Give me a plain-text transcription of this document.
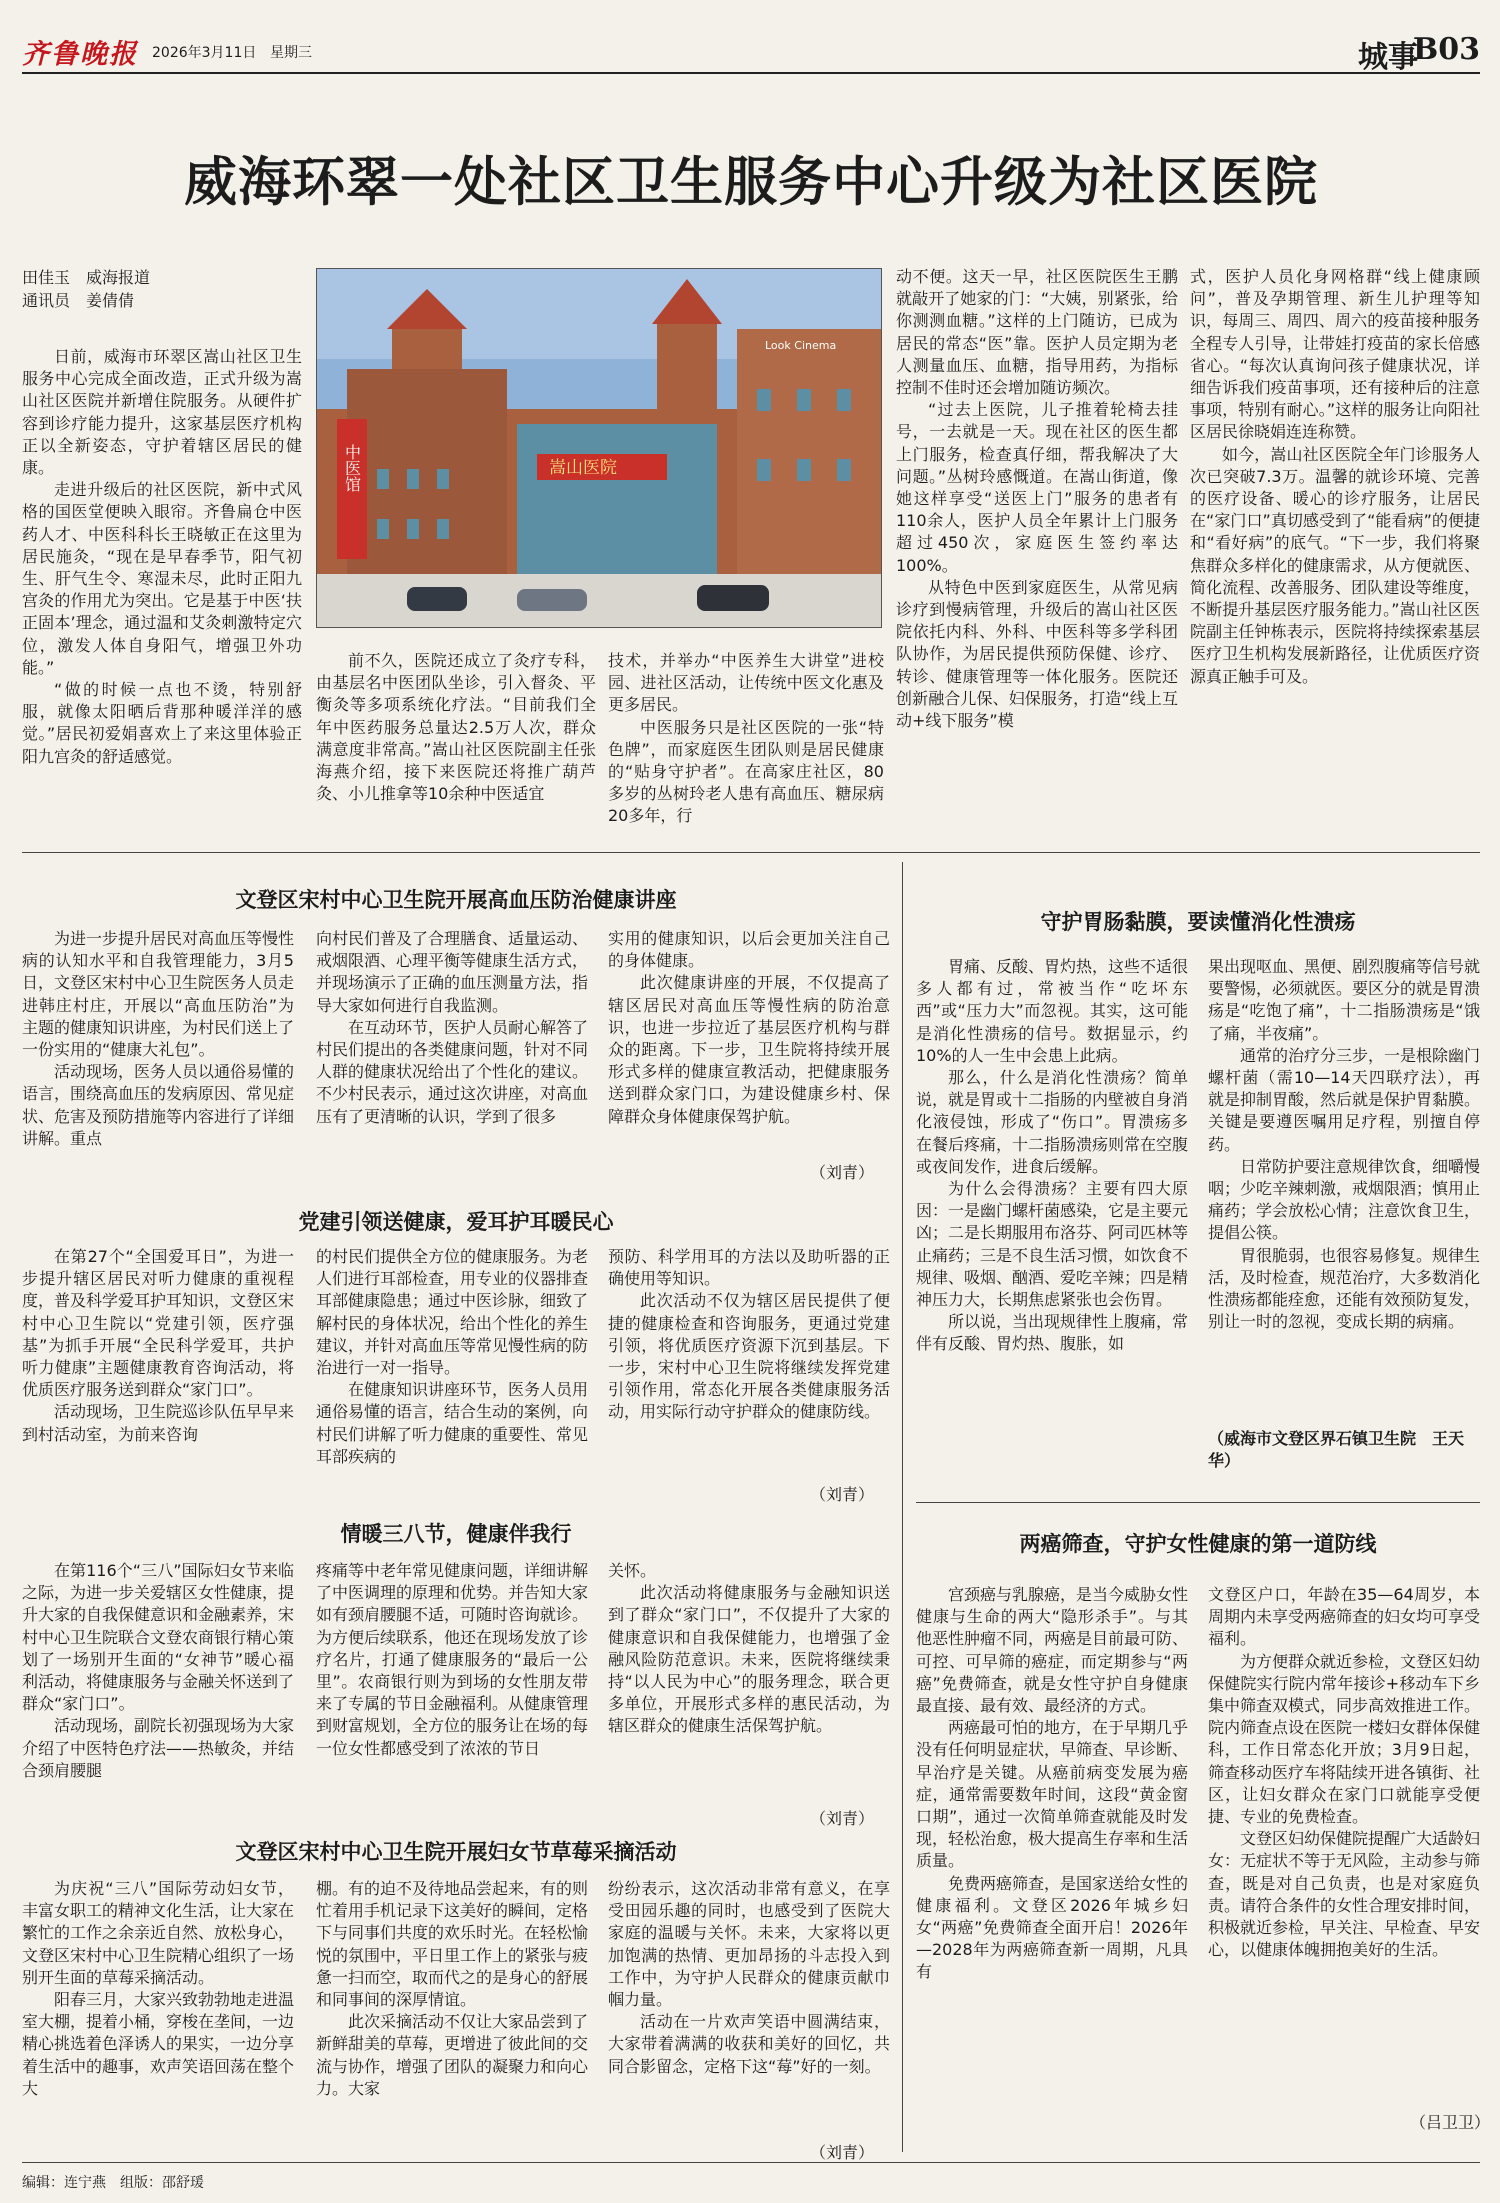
齐鲁晚报 2026年3月11日 星期三	城事
B03
威海环翠一处社区卫生服务中心升级为社区医院
田佳玉　威海报道
通讯员　姜倩倩
中医馆
Look Cinema
嵩山医院

日前，威海市环翠区嵩山社区卫生服务中心完成全面改造，正式升级为嵩山社区医院并新增住院服务。从硬件扩容到诊疗能力提升，这家基层医疗机构正以全新姿态，守护着辖区居民的健康。

走进升级后的社区医院，新中式风格的国医堂便映入眼帘。齐鲁扁仓中医药人才、中医科科长王晓敏正在这里为居民施灸，“现在是早春季节，阳气初生、肝气生令、寒湿未尽，此时正阳九宫灸的作用尤为突出。它是基于中医‘扶正固本’理念，通过温和艾灸刺激特定穴位，激发人体自身阳气，增强卫外功能。”

“做的时候一点也不烫，特别舒服，就像太阳晒后背那种暖洋洋的感觉。”居民初爱娟喜欢上了来这里体验正阳九宫灸的舒适感觉。

前不久，医院还成立了灸疗专科，由基层名中医团队坐诊，引入督灸、平衡灸等多项系统化疗法。“目前我们全年中医药服务总量达2.5万人次，群众满意度非常高。”嵩山社区医院副主任张海燕介绍，接下来医院还将推广葫芦灸、小儿推拿等10余种中医适宜

技术，并举办“中医养生大讲堂”进校园、进社区活动，让传统中医文化惠及更多居民。

中医服务只是社区医院的一张“特色牌”，而家庭医生团队则是居民健康的“贴身守护者”。在高家庄社区，80多岁的丛树玲老人患有高血压、糖尿病20多年，行

动不便。这天一早，社区医院医生王鹏就敲开了她家的门：“大姨，别紧张，给你测测血糖。”这样的上门随访，已成为居民的常态“医”靠。医护人员定期为老人测量血压、血糖，指导用药，为指标控制不佳时还会增加随访频次。

“过去上医院，儿子推着轮椅去挂号，一去就是一天。现在社区的医生都上门服务，检查真仔细，帮我解决了大问题。”丛树玲感慨道。在嵩山街道，像她这样享受“送医上门”服务的患者有110余人，医护人员全年累计上门服务超过450次，家庭医生签约率达100%。

从特色中医到家庭医生，从常见病诊疗到慢病管理，升级后的嵩山社区医院依托内科、外科、中医科等多学科团队协作，为居民提供预防保健、诊疗、转诊、健康管理等一体化服务。医院还创新融合儿保、妇保服务，打造“线上互动+线下服务”模

式，医护人员化身网格群“线上健康顾问”，普及孕期管理、新生儿护理等知识，每周三、周四、周六的疫苗接种服务全程专人引导，让带娃打疫苗的家长倍感省心。“每次认真询问孩子健康状况，详细告诉我们疫苗事项，还有接种后的注意事项，特别有耐心。”这样的服务让向阳社区居民徐晓娟连连称赞。

如今，嵩山社区医院全年门诊服务人次已突破7.3万。温馨的就诊环境、完善的医疗设备、暖心的诊疗服务，让居民在“家门口”真切感受到了“能看病”的便捷和“看好病”的底气。“下一步，我们将聚焦群众多样化的健康需求，从方便就医、简化流程、改善服务、团队建设等维度，不断提升基层医疗服务能力。”嵩山社区医院副主任钟栋表示，医院将持续探索基层医疗卫生机构发展新路径，让优质医疗资源真正触手可及。

文登区宋村中心卫生院开展高血压防治健康讲座

为进一步提升居民对高血压等慢性病的认知水平和自我管理能力，3月5日，文登区宋村中心卫生院医务人员走进韩庄村庄，开展以“高血压防治”为主题的健康知识讲座，为村民们送上了一份实用的“健康大礼包”。

活动现场，医务人员以通俗易懂的语言，围绕高血压的发病原因、常见症状、危害及预防措施等内容进行了详细讲解。重点

向村民们普及了合理膳食、适量运动、戒烟限酒、心理平衡等健康生活方式，并现场演示了正确的血压测量方法，指导大家如何进行自我监测。

在互动环节，医护人员耐心解答了村民们提出的各类健康问题，针对不同人群的健康状况给出了个性化的建议。不少村民表示，通过这次讲座，对高血压有了更清晰的认识，学到了很多

实用的健康知识，以后会更加关注自己的身体健康。

此次健康讲座的开展，不仅提高了辖区居民对高血压等慢性病的防治意识，也进一步拉近了基层医疗机构与群众的距离。下一步，卫生院将持续开展形式多样的健康宣教活动，把健康服务送到群众家门口，为建设健康乡村、保障群众身体健康保驾护航。

（刘青）
党建引领送健康，爱耳护耳暖民心

在第27个“全国爱耳日”，为进一步提升辖区居民对听力健康的重视程度，普及科学爱耳护耳知识，文登区宋村中心卫生院以“党建引领，医疗强基”为抓手开展“全民科学爱耳，共护听力健康”主题健康教育咨询活动，将优质医疗服务送到群众“家门口”。

活动现场，卫生院巡诊队伍早早来到村活动室，为前来咨询

的村民们提供全方位的健康服务。为老人们进行耳部检查，用专业的仪器排查耳部健康隐患；通过中医诊脉，细致了解村民的身体状况，给出个性化的养生建议，并针对高血压等常见慢性病的防治进行一对一指导。

在健康知识讲座环节，医务人员用通俗易懂的语言，结合生动的案例，向村民们讲解了听力健康的重要性、常见耳部疾病的

预防、科学用耳的方法以及助听器的正确使用等知识。

此次活动不仅为辖区居民提供了便捷的健康检查和咨询服务，更通过党建引领，将优质医疗资源下沉到基层。下一步，宋村中心卫生院将继续发挥党建引领作用，常态化开展各类健康服务活动，用实际行动守护群众的健康防线。

（刘青）
情暖三八节，健康伴我行

在第116个“三八”国际妇女节来临之际，为进一步关爱辖区女性健康，提升大家的自我保健意识和金融素养，宋村中心卫生院联合文登农商银行精心策划了一场别开生面的“女神节”暖心福利活动，将健康服务与金融关怀送到了群众“家门口”。

活动现场，副院长初强现场为大家介绍了中医特色疗法——热敏灸，并结合颈肩腰腿

疼痛等中老年常见健康问题，详细讲解了中医调理的原理和优势。并告知大家如有颈肩腰腿不适，可随时咨询就诊。为方便后续联系，他还在现场发放了诊疗名片，打通了健康服务的“最后一公里”。农商银行则为到场的女性朋友带来了专属的节日金融福利。从健康管理到财富规划，全方位的服务让在场的每一位女性都感受到了浓浓的节日

关怀。

此次活动将健康服务与金融知识送到了群众“家门口”，不仅提升了大家的健康意识和自我保健能力，也增强了金融风险防范意识。未来，医院将继续秉持“以人民为中心”的服务理念，联合更多单位，开展形式多样的惠民活动，为辖区群众的健康生活保驾护航。

（刘青）
文登区宋村中心卫生院开展妇女节草莓采摘活动

为庆祝“三八”国际劳动妇女节，丰富女职工的精神文化生活，让大家在繁忙的工作之余亲近自然、放松身心，文登区宋村中心卫生院精心组织了一场别开生面的草莓采摘活动。

阳春三月，大家兴致勃勃地走进温室大棚，提着小桶，穿梭在垄间，一边精心挑选着色泽诱人的果实，一边分享着生活中的趣事，欢声笑语回荡在整个大

棚。有的迫不及待地品尝起来，有的则忙着用手机记录下这美好的瞬间，定格下与同事们共度的欢乐时光。在轻松愉悦的氛围中，平日里工作上的紧张与疲惫一扫而空，取而代之的是身心的舒展和同事间的深厚情谊。

此次采摘活动不仅让大家品尝到了新鲜甜美的草莓，更增进了彼此间的交流与协作，增强了团队的凝聚力和向心力。大家

纷纷表示，这次活动非常有意义，在享受田园乐趣的同时，也感受到了医院大家庭的温暖与关怀。未来，大家将以更加饱满的热情、更加昂扬的斗志投入到工作中，为守护人民群众的健康贡献巾帼力量。

活动在一片欢声笑语中圆满结束，大家带着满满的收获和美好的回忆，共同合影留念，定格下这“莓”好的一刻。

（刘青）
守护胃肠黏膜，要读懂消化性溃疡

胃痛、反酸、胃灼热，这些不适很多人都有过，常被当作“吃坏东西”或“压力大”而忽视。其实，这可能是消化性溃疡的信号。数据显示，约10%的人一生中会患上此病。

那么，什么是消化性溃疡？简单说，就是胃或十二指肠的内壁被自身消化液侵蚀，形成了“伤口”。胃溃疡多在餐后疼痛，十二指肠溃疡则常在空腹或夜间发作，进食后缓解。

为什么会得溃疡？主要有四大原因：一是幽门螺杆菌感染，它是主要元凶；二是长期服用布洛芬、阿司匹林等止痛药；三是不良生活习惯，如饮食不规律、吸烟、酗酒、爱吃辛辣；四是精神压力大，长期焦虑紧张也会伤胃。

所以说，当出现规律性上腹痛，常伴有反酸、胃灼热、腹胀，如

果出现呕血、黑便、剧烈腹痛等信号就要警惕，必须就医。要区分的就是胃溃疡是“吃饱了痛”，十二指肠溃疡是“饿了痛，半夜痛”。

通常的治疗分三步，一是根除幽门螺杆菌（需10—14天四联疗法），再就是抑制胃酸，然后就是保护胃黏膜。关键是要遵医嘱用足疗程，别擅自停药。

日常防护要注意规律饮食，细嚼慢咽；少吃辛辣刺激，戒烟限酒；慎用止痛药；学会放松心情；注意饮食卫生，提倡公筷。

胃很脆弱，也很容易修复。规律生活，及时检查，规范治疗，大多数消化性溃疡都能痊愈，还能有效预防复发，别让一时的忽视，变成长期的病痛。

（威海市文登区界石镇卫生院　王天华）
两癌筛查，守护女性健康的第一道防线

宫颈癌与乳腺癌，是当今威胁女性健康与生命的两大“隐形杀手”。与其他恶性肿瘤不同，两癌是目前最可防、可控、可早筛的癌症，而定期参与“两癌”免费筛查，就是女性守护自身健康最直接、最有效、最经济的方式。

两癌最可怕的地方，在于早期几乎没有任何明显症状，早筛查、早诊断、早治疗是关键。从癌前病变发展为癌症，通常需要数年时间，这段“黄金窗口期”，通过一次简单筛查就能及时发现，轻松治愈，极大提高生存率和生活质量。

免费两癌筛查，是国家送给女性的健康福利。文登区2026年城乡妇女“两癌”免费筛查全面开启！2026年—2028年为两癌筛查新一周期，凡具有

文登区户口，年龄在35—64周岁，本周期内未享受两癌筛查的妇女均可享受福利。

为方便群众就近参检，文登区妇幼保健院实行院内常年接诊+移动车下乡集中筛查双模式，同步高效推进工作。院内筛查点设在医院一楼妇女群体保健科，工作日常态化开放；3月9日起，筛查移动医疗车将陆续开进各镇街、社区，让妇女群众在家门口就能享受便捷、专业的免费检查。

文登区妇幼保健院提醒广大适龄妇女：无症状不等于无风险，主动参与筛查，既是对自己负责，也是对家庭负责。请符合条件的女性合理安排时间，积极就近参检，早关注、早检查、早安心，以健康体魄拥抱美好的生活。

（吕卫卫）
编辑：连宁燕　组版：邵舒瑗
